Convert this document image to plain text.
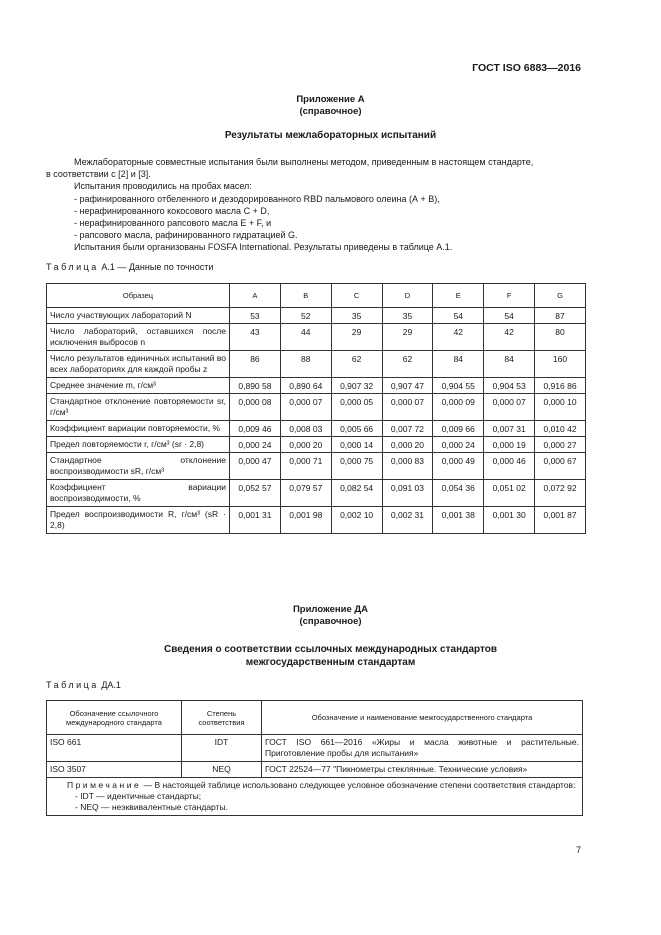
ГОСТ ISO 6883—2016
Приложение А
(справочное)
Результаты межлабораторных испытаний

Межлабораторные совместные испытания были выполнены методом, приведенным в настоящем стандарте,

в соответствии с [2] и [3].

Испытания проводились на пробах масел:

- рафинированного отбеленного и дезодорированного RBD пальмового олеина (А + В),

- нерафинированного кокосового масла С + D,

- нерафинированного рапсового масла Е + F, и

- рапсового масла, рафинированного гидратацией G.

Испытания были организованы FOSFA International. Результаты приведены в таблице А.1.

Таблица А.1 — Данные по точности
Образец	A	B	C	D	E	F	G
Число участвующих лабораторий N	53	52	35	35	54	54	87
Число лабораторий, оставшихся после исключения выбросов n	43	44	29	29	42	42	80
Число результатов единичных испытаний во всех лабораториях для каждой пробы z	86	88	62	62	84	84	160
Среднее значение m, г/см³	0,890 58	0,890 64	0,907 32	0,907 47	0,904 55	0,904 53	0,916 86
Стандартное отклонение повторяемости sr, г/см³	0,000 08	0,000 07	0,000 05	0,000 07	0,000 09	0,000 07	0,000 10
Коэффициент вариации повторяемости, %	0,009 46	0,008 03	0,005 66	0,007 72	0,009 66	0,007 31	0,010 42
Предел повторяемости r, г/см³ (sr · 2,8)	0,000 24	0,000 20	0,000 14	0,000 20	0,000 24	0,000 19	0,000 27
Стандартное отклонение воспроизводимости sR, г/см³	0,000 47	0,000 71	0,000 75	0,000 83	0,000 49	0,000 46	0,000 67
Коэффициент вариации воспроизводимости, %	0,052 57	0,079 57	0,082 54	0,091 03	0,054 36	0,051 02	0,072 92
Предел воспроизводимости R, г/см³ (sR · 2,8)	0,001 31	0,001 98	0,002 10	0,002 31	0,001 38	0,001 30	0,001 87
Приложение ДА
(справочное)
Сведения о соответствии ссылочных международных стандартов
межгосударственным стандартам
Таблица ДА.1
Обозначение ссылочного международного стандарта	Степень соответствия	Обозначение и наименование межгосударственного стандарта
ISO 661	IDT	ГОСТ ISO 661—2016 «Жиры и масла животные и растительные. Приготовление пробы для испытания»
ISO 3507	NEQ	ГОСТ 22524—77 "Пикнометры стеклянные. Технические условия»

Примечание — В настоящей таблице использовано следующее условное обозначение степени соответствия стандартов:
- IDT — идентичные стандарты;
- NEQ — неэквивалентные стандарты.		
7
